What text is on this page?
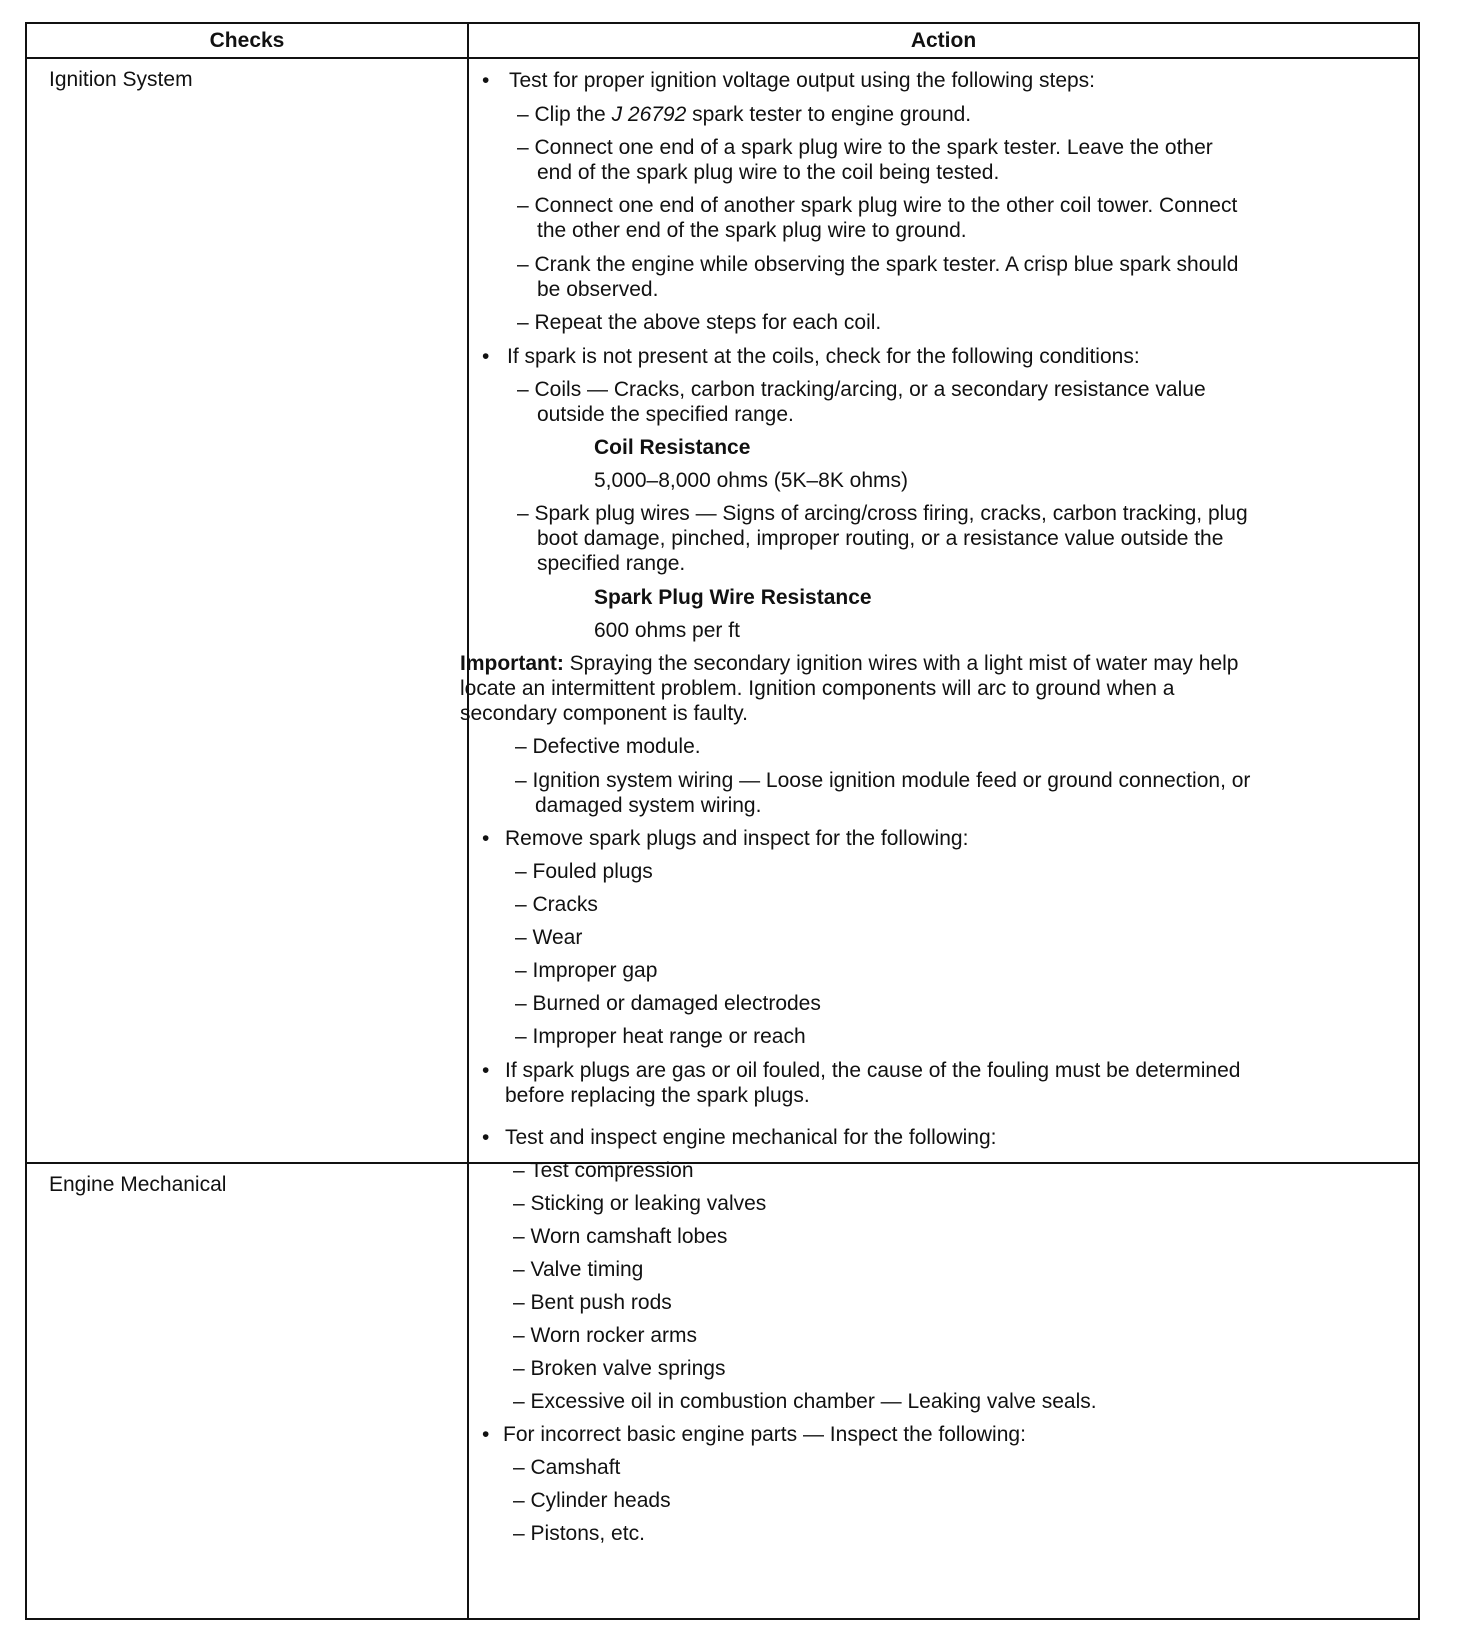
Checks	Action
Ignition System
Engine Mechanical
• Test for proper ignition voltage output using the following steps:
– Clip the J 26792 spark tester to engine ground.
– Connect one end of a spark plug wire to the spark tester. Leave the other
end of the spark plug wire to the coil being tested.
– Connect one end of another spark plug wire to the other coil tower. Connect
the other end of the spark plug wire to ground.
– Crank the engine while observing the spark tester. A crisp blue spark should
be observed.
– Repeat the above steps for each coil.
• If spark is not present at the coils, check for the following conditions:
– Coils — Cracks, carbon tracking/arcing, or a secondary resistance value
outside the specified range.
Coil Resistance
5,000–8,000 ohms (5K–8K ohms)
– Spark plug wires — Signs of arcing/cross firing, cracks, carbon tracking, plug
boot damage, pinched, improper routing, or a resistance value outside the
specified range.
Spark Plug Wire Resistance
600 ohms per ft
Important: Spraying the secondary ignition wires with a light mist of water may help
locate an intermittent problem. Ignition components will arc to ground when a
secondary component is faulty.
– Defective module.
– Ignition system wiring — Loose ignition module feed or ground connection, or
damaged system wiring.
• Remove spark plugs and inspect for the following:
– Fouled plugs
– Cracks
– Wear
– Improper gap
– Burned or damaged electrodes
– Improper heat range or reach
• If spark plugs are gas or oil fouled, the cause of the fouling must be determined
before replacing the spark plugs.
• Test and inspect engine mechanical for the following:
– Test compression
– Sticking or leaking valves
– Worn camshaft lobes
– Valve timing
– Bent push rods
– Worn rocker arms
– Broken valve springs
– Excessive oil in combustion chamber — Leaking valve seals.
• For incorrect basic engine parts — Inspect the following:
– Camshaft
– Cylinder heads
– Pistons, etc.
